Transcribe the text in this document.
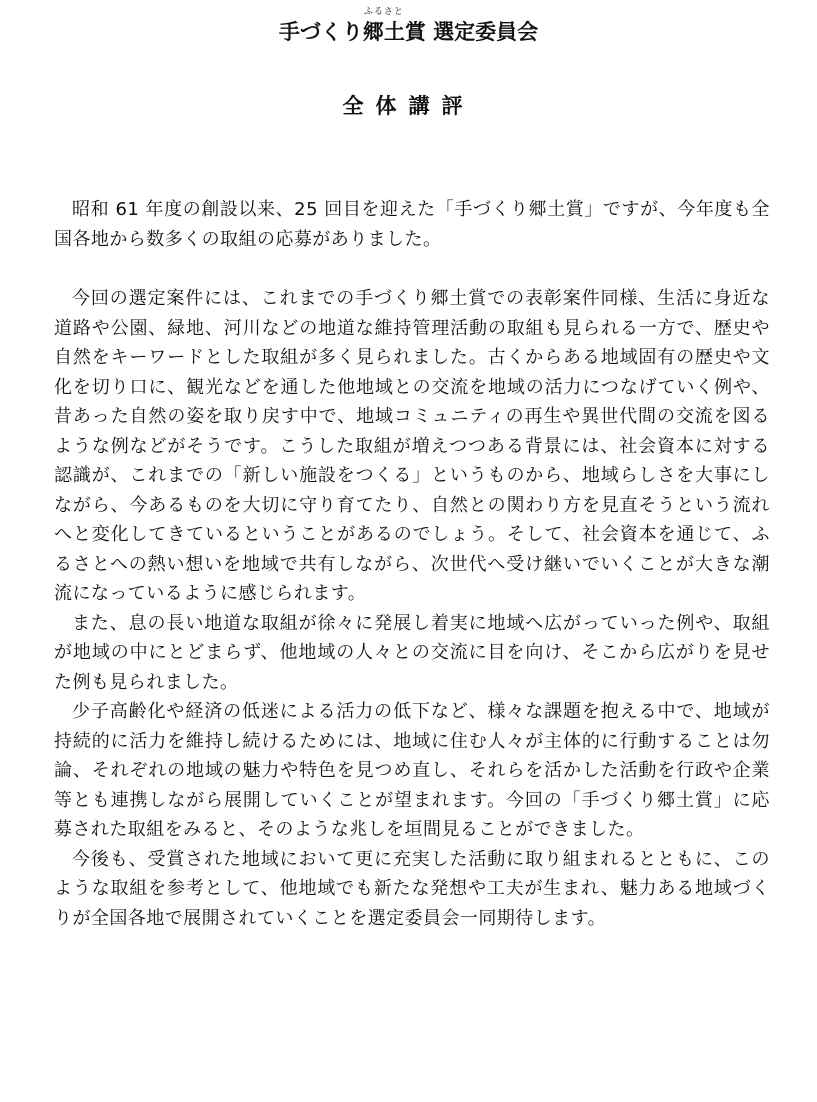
手づくり
ふるさと
郷土賞 選定委員会
全体講評

昭和 61 年度の創設以来、25 回目を迎えた「手づくり郷土賞」ですが、今年度も全国各地から数多くの取組の応募がありました。

今回の選定案件には、これまでの手づくり郷土賞での表彰案件同様、生活に身近な道路や公園、緑地、河川などの地道な維持管理活動の取組も見られる一方で、歴史や自然をキーワードとした取組が多く見られました。古くからある地域固有の歴史や文化を切り口に、観光などを通した他地域との交流を地域の活力につなげていく例や、昔あった自然の姿を取り戻す中で、地域コミュニティの再生や異世代間の交流を図るような例などがそうです。こうした取組が増えつつある背景には、社会資本に対する認識が、これまでの「新しい施設をつくる」というものから、地域らしさを大事にしながら、今あるものを大切に守り育てたり、自然との関わり方を見直そうという流れへと変化してきているということがあるのでしょう。そして、社会資本を通じて、ふるさとへの熱い想いを地域で共有しながら、次世代へ受け継いでいくことが大きな潮流になっているように感じられます。

また、息の長い地道な取組が徐々に発展し着実に地域へ広がっていった例や、取組が地域の中にとどまらず、他地域の人々との交流に目を向け、そこから広がりを見せた例も見られました。

少子高齢化や経済の低迷による活力の低下など、様々な課題を抱える中で、地域が持続的に活力を維持し続けるためには、地域に住む人々が主体的に行動することは勿論、それぞれの地域の魅力や特色を見つめ直し、それらを活かした活動を行政や企業等とも連携しながら展開していくことが望まれます。今回の「手づくり郷土賞」に応募された取組をみると、そのような兆しを垣間見ることができました。

今後も、受賞された地域において更に充実した活動に取り組まれるとともに、このような取組を参考として、他地域でも新たな発想や工夫が生まれ、魅力ある地域づくりが全国各地で展開されていくことを選定委員会一同期待します。
